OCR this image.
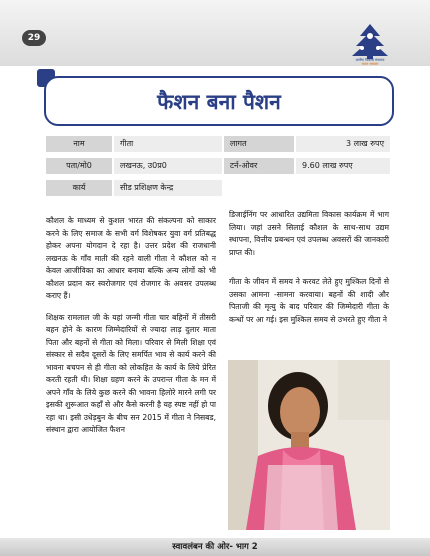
29
ग्रामीण विकास मंत्रालय
भारत सरकार
फैशन बना पैशन
नाम	गीता	लागत	3 लाख रुपए
पता/मो0	लखनऊ, उ0प्र0	टर्न-ओवर	9.60 लाख रुपए
कार्य	सीड प्रशिक्षण केन्द्र

कौशल के माध्यम से कुशल भारत की संकल्पना को साकार करने के लिए समाज के सभी वर्ग विशेषकर युवा वर्ग प्रतिबद्ध होकर अपना योगदान दे रहा है। उत्तर प्रदेश की राजधानी लखनऊ के गाँव माती की रहने वाली गीता ने कौशल को न केवल आजीविका का आधार बनाया बल्कि अन्य लोगों को भी कौशल प्रदान कर स्वरोजगार एवं रोजगार के अवसर उपलब्ध कराए हैं।

शिक्षक रामलाल जी के यहां जन्मी गीता चार बहिनों में तीसरी बहन होने के कारण जिम्मेदारियों से ज्यादा लाड़ दुलार माता पिता और बहनों से गीता को मिला। परिवार से मिली शिक्षा एवं संस्कार से सदैव दूसरों के लिए समर्पित भाव से कार्य करने की भावना बचपन से ही गीता को लोकहित के कार्य के लिये प्रेरित करती रहती थी। शिक्षा ग्रहण करने के उपरान्त गीता के मन में अपने गाँव के लिये कुछ करने की भावना हिलोरे मारने लगी पर इसकी शुरूआत कहाँ से और कैसे करनी है यह स्पष्ट नहीं हो पा रहा था। इसी उधेड़बुन के बीच सन 2015 में गीता ने निसबड, संस्थान द्वारा आयोजित फैशन

डिजाईनिंग पर आधारित उद्यमिता विकास कार्यक्रम में भाग लिया। जहां उसने सिलाई कौशल के साथ-साथ उद्यम स्थापना, वित्तीय प्रबन्धन एवं उपलब्ध अवसरों की जानकारी प्राप्त की।

गीता के जीवन में समय ने करवट लेते हुए मुश्किल दिनों से उसका आमना -सामना करवाया। बहनों की शादी और पिताजी की मृत्यु के बाद परिवार की जिम्मेदारी गीता के कन्धों पर आ गई। इस मुश्किल समय से उभरते हुए गीता ने

स्वावलंबन की ओर- भाग 2
